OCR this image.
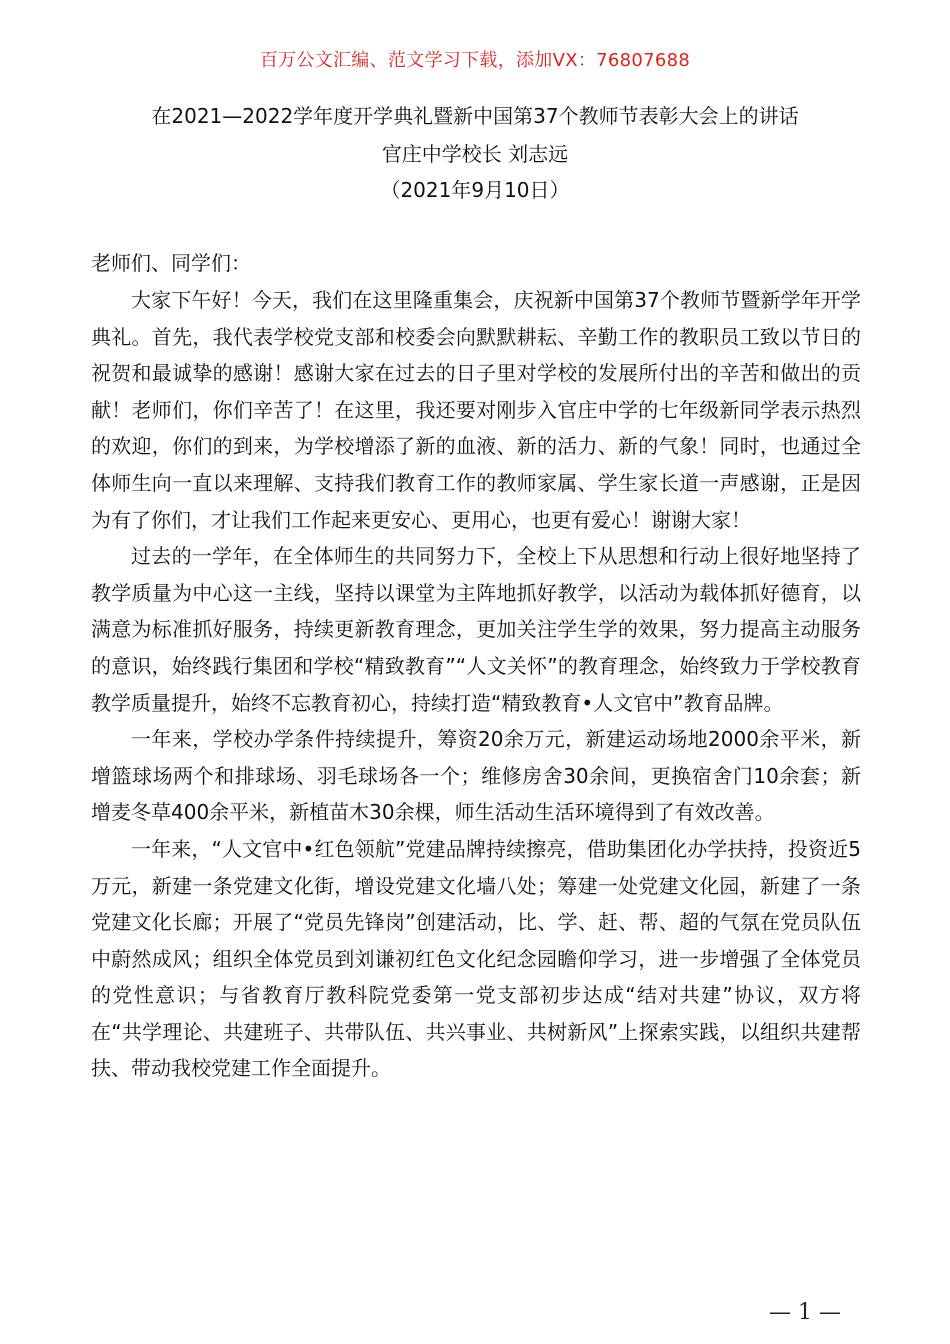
百万公文汇编、范文学习下载，添加VX：76807688
在2021—2022学年度开学典礼暨新中国第37个教师节表彰大会上的讲话
官庄中学校长 刘志远
（2021年9月10日）
老师们、同学们：

大家下午好！今天，我们在这里隆重集会，庆祝新中国第37个教师节暨新学年开学典礼。首先，我代表学校党支部和校委会向默默耕耘、辛勤工作的教职员工致以节日的祝贺和最诚挚的感谢！感谢大家在过去的日子里对学校的发展所付出的辛苦和做出的贡献！老师们，你们辛苦了！在这里，我还要对刚步入官庄中学的七年级新同学表示热烈的欢迎，你们的到来，为学校增添了新的血液、新的活力、新的气象！同时，也通过全体师生向一直以来理解、支持我们教育工作的教师家属、学生家长道一声感谢，正是因为有了你们，才让我们工作起来更安心、更用心，也更有爱心！谢谢大家！

过去的一学年，在全体师生的共同努力下，全校上下从思想和行动上很好地坚持了教学质量为中心这一主线，坚持以课堂为主阵地抓好教学，以活动为载体抓好德育，以满意为标准抓好服务，持续更新教育理念，更加关注学生学的效果，努力提高主动服务的意识，始终践行集团和学校“精致教育”“人文关怀”的教育理念，始终致力于学校教育教学质量提升，始终不忘教育初心，持续打造“精致教育•人文官中”教育品牌。

一年来，学校办学条件持续提升，筹资20余万元，新建运动场地2000余平米，新增篮球场两个和排球场、羽毛球场各一个；维修房舍30余间，更换宿舍门10余套；新增麦冬草400余平米，新植苗木30余棵，师生活动生活环境得到了有效改善。

一年来，“人文官中•红色领航”党建品牌持续擦亮，借助集团化办学扶持，投资近5万元，新建一条党建文化街，增设党建文化墙八处；筹建一处党建文化园，新建了一条党建文化长廊；开展了“党员先锋岗”创建活动，比、学、赶、帮、超的气氛在党员队伍中蔚然成风；组织全体党员到刘谦初红色文化纪念园瞻仰学习，进一步增强了全体党员的党性意识；与省教育厅教科院党委第一党支部初步达成“结对共建”协议，双方将在“共学理论、共建班子、共带队伍、共兴事业、共树新风”上探索实践，以组织共建帮扶、带动我校党建工作全面提升。

— 1 —
